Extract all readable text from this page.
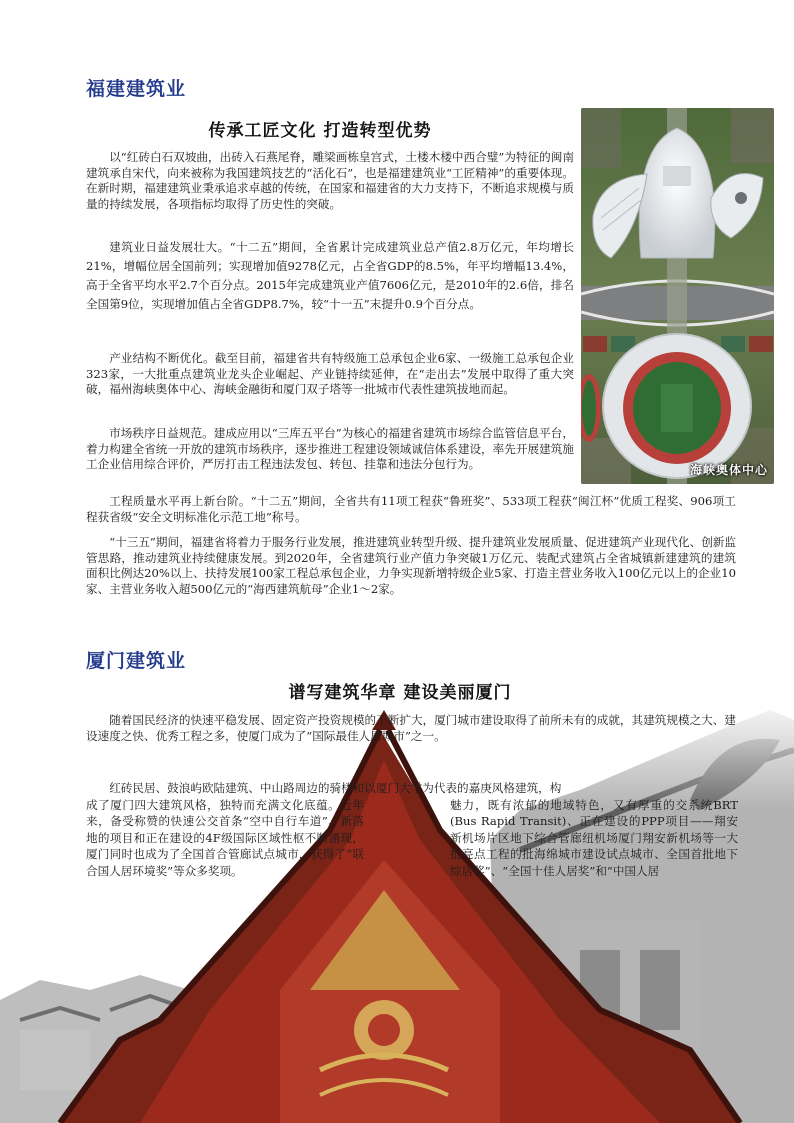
福建建筑业
传承工匠文化 打造转型优势

以“红砖白石双坡曲，出砖入石燕尾脊，雕梁画栋皇宫式，土楼木楼中西合璧”为特征的闽南建筑承自宋代，向来被称为我国建筑技艺的“活化石”，也是福建建筑业“工匠精神”的重要体现。在新时期，福建建筑业秉承追求卓越的传统，在国家和福建省的大力支持下，不断追求规模与质量的持续发展，各项指标均取得了历史性的突破。

建筑业日益发展壮大。“十二五”期间，全省累计完成建筑业总产值2.8万亿元，年均增长21%，增幅位居全国前列；实现增加值9278亿元，占全省GDP的8.5%，年平均增幅13.4%，高于全省平均水平2.7个百分点。2015年完成建筑业产值7606亿元，是2010年的2.6倍，排名全国第9位，实现增加值占全省GDP8.7%，较“十一五”末提升0.9个百分点。

产业结构不断优化。截至目前，福建省共有特级施工总承包企业6家、一级施工总承包企业323家，一大批重点建筑业龙头企业崛起、产业链持续延伸，在“走出去”发展中取得了重大突破，福州海峡奥体中心、海峡金融街和厦门双子塔等一批城市代表性建筑拔地而起。

市场秩序日益规范。建成应用以“三库五平台”为核心的福建省建筑市场综合监管信息平台，着力构建全省统一开放的建筑市场秩序，逐步推进工程建设领域诚信体系建设，率先开展建筑施工企业信用综合评价，严厉打击工程违法发包、转包、挂靠和违法分包行为。

工程质量水平再上新台阶。“十二五”期间，全省共有11项工程获“鲁班奖”、533项工程获“闽江杯”优质工程奖、906项工程获省级“安全文明标准化示范工地”称号。

“十三五”期间，福建省将着力于服务行业发展，推进建筑业转型升级、提升建筑业发展质量、促进建筑产业现代化、创新监管思路，推动建筑业持续健康发展。到2020年，全省建筑行业产值力争突破1万亿元、装配式建筑占全省城镇新建建筑的建筑面积比例达20%以上、扶持发展100家工程总承包企业，力争实现新增特级企业5家、打造主营业务收入100亿元以上的企业10家、主营业务收入超500亿元的“海西建筑航母”企业1～2家。

海峡奥体中心
厦门建筑业
谱写建筑华章 建设美丽厦门

随着国民经济的快速平稳发展、固定资产投资规模的不断扩大，厦门城市建设取得了前所未有的成就，其建筑规模之大、建设速度之快、优秀工程之多，使厦门成为了“国际最佳人居城市”之一。

红砖民居、鼓浪屿欧陆建筑、中山路周边的骑楼和以厦门大学为代表的嘉庚风格建筑，构

成了厦门四大建筑风格，独特而充满文化底蕴。近年来，备受称赞的快速公交首条“空中自行车道”、新落地的项目和正在建设的4F级国际区域性枢不断涌现，厦门同时也成为了全国首合管廊试点城市，获得了“联合国人居环境奖”等众多奖项。

魅力，既有浓郁的地域特色，又有厚重的交系统BRT (Bus Rapid Transit)、正在建设的PPP项目——翔安新机场片区地下综合管廊纽机场厦门翔安新机场等一大批亮点工程的批海绵城市建设试点城市、全国首批地下综居奖”、“全国十佳人居奖”和“中国人居
